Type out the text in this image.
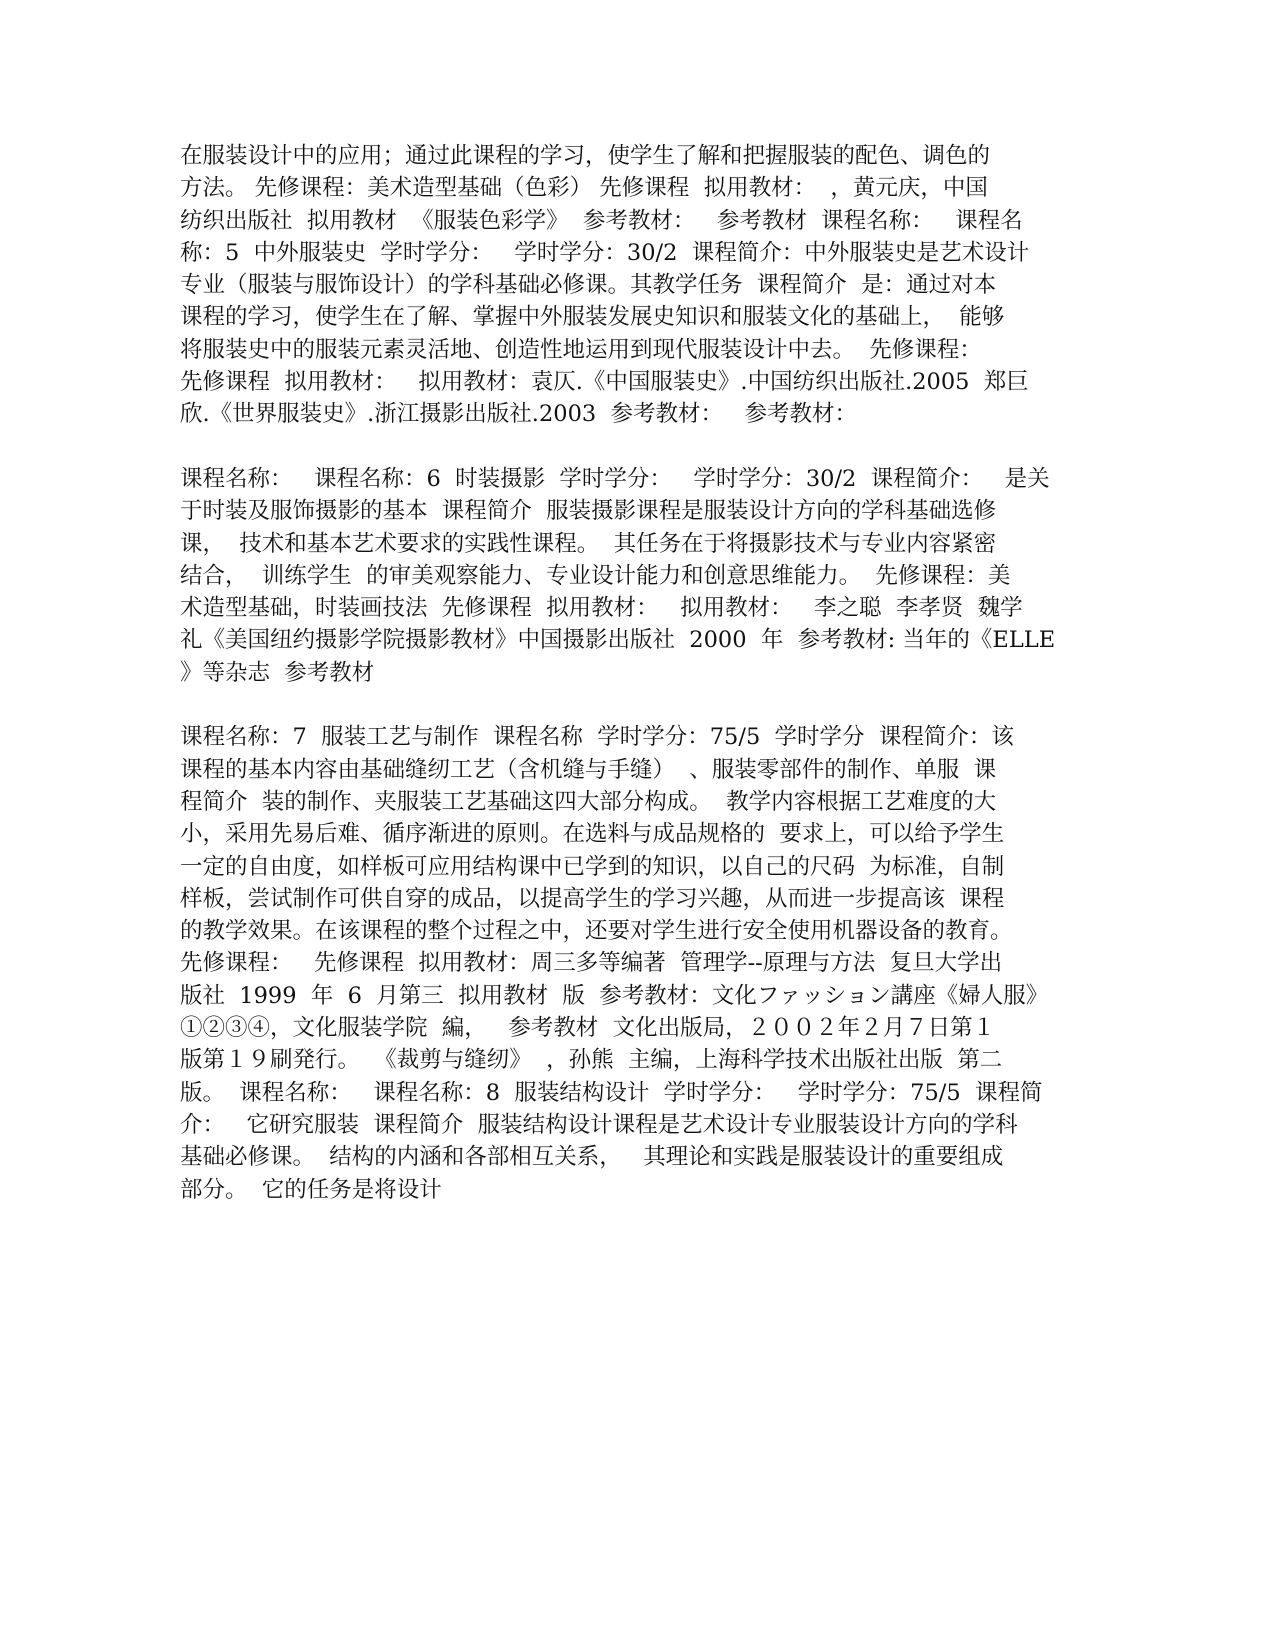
在服装设计中的应用；通过此课程的学习，使学生了解和把握服装的配色、调色的
方法。 先修课程：美术造型基础（色彩） 先修课程  拟用教材：  ，黄元庆，中国
纺织出版社  拟用教材  《服装色彩学》  参考教材：   参考教材  课程名称：   课程名
称：5  中外服装史  学时学分：   学时学分：30/2  课程简介：中外服装史是艺术设计
专业（服装与服饰设计）的学科基础必修课。其教学任务  课程简介  是：通过对本
课程的学习，使学生在了解、掌握中外服装发展史知识和服装文化的基础上，  能够
将服装史中的服装元素灵活地、创造性地运用到现代服装设计中去。  先修课程：
先修课程  拟用教材：   拟用教材：袁仄.《中国服装史》.中国纺织出版社.2005  郑巨
欣.《世界服装史》.浙江摄影出版社.2003  参考教材：   参考教材：
课程名称：   课程名称：6  时装摄影  学时学分：   学时学分：30/2  课程简介：   是关
于时装及服饰摄影的基本  课程简介  服装摄影课程是服装设计方向的学科基础选修
课，  技术和基本艺术要求的实践性课程。  其任务在于将摄影技术与专业内容紧密
结合，  训练学生  的审美观察能力、专业设计能力和创意思维能力。  先修课程：美
术造型基础，时装画技法  先修课程  拟用教材：   拟用教材：   李之聪  李孝贤  魏学
礼《美国纽约摄影学院摄影教材》中国摄影出版社  2000  年  参考教材: 当年的《ELLE
》等杂志  参考教材
课程名称：7  服装工艺与制作  课程名称  学时学分：75/5  学时学分  课程简介：该
课程的基本内容由基础缝纫工艺（含机缝与手缝）  、服装零部件的制作、单服  课
程简介  装的制作、夹服装工艺基础这四大部分构成。  教学内容根据工艺难度的大
小，采用先易后难、循序渐进的原则。在选料与成品规格的  要求上，可以给予学生
一定的自由度，如样板可应用结构课中已学到的知识，以自己的尺码  为标准，自制
样板，尝试制作可供自穿的成品，以提高学生的学习兴趣，从而进一步提高该  课程
的教学效果。在该课程的整个过程之中，还要对学生进行安全使用机器设备的教育。
先修课程：   先修课程  拟用教材：周三多等编著  管理学--原理与方法  复旦大学出
版社  1999  年  6  月第三  拟用教材  版  参考教材：文化ファッション講座《婦人服》
①②③④，文化服装学院  編，   参考教材  文化出版局，２００２年２月７日第１
版第１９刷発行。  《裁剪与缝纫》  ，孙熊  主编，上海科学技术出版社出版  第二
版。  课程名称：   课程名称：8  服装结构设计  学时学分：   学时学分：75/5  课程简
介：   它研究服装  课程简介  服装结构设计课程是艺术设计专业服装设计方向的学科
基础必修课。  结构的内涵和各部相互关系，   其理论和实践是服装设计的重要组成
部分。  它的任务是将设计
